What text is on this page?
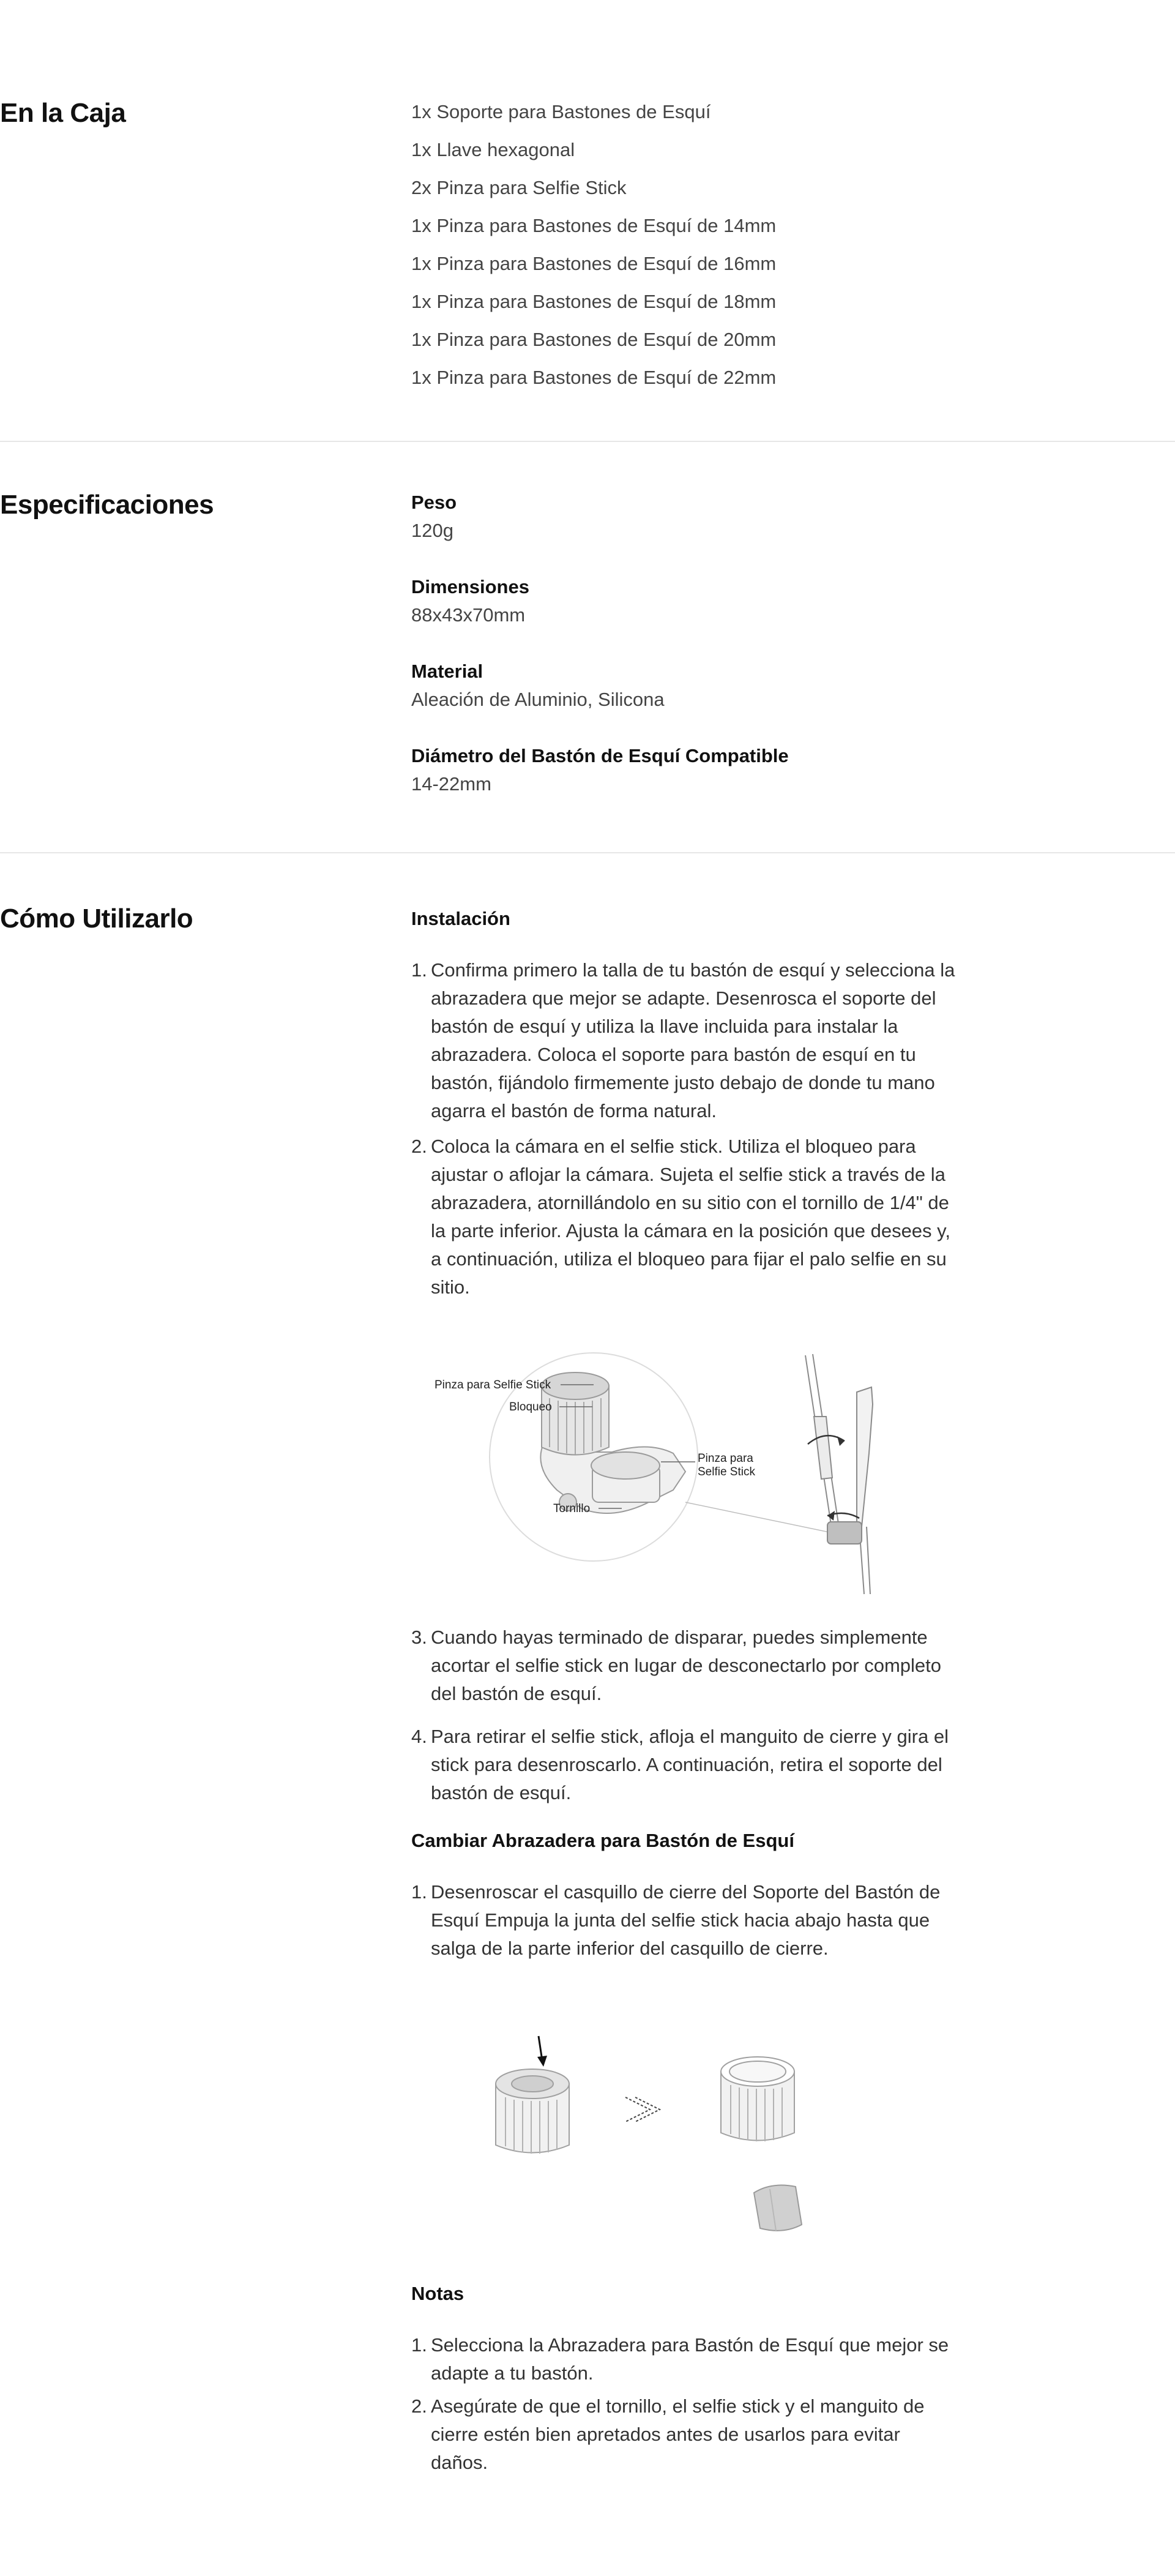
En la Caja	1x Soporte para Bastones de Esquí
1x Llave hexagonal
2x Pinza para Selfie Stick
1x Pinza para Bastones de Esquí de 14mm
1x Pinza para Bastones de Esquí de 16mm
1x Pinza para Bastones de Esquí de 18mm
1x Pinza para Bastones de Esquí de 20mm
1x Pinza para Bastones de Esquí de 22mm
Especificaciones	Peso
120g
Dimensiones
88x43x70mm
Material
Aleación de Aluminio, Silicona
Diámetro del Bastón de Esquí Compatible
14-22mm
Cómo Utilizarlo	Instalación
1. Confirma primero la talla de tu bastón de esquí y selecciona la
abrazadera que mejor se adapte. Desenrosca el soporte del
bastón de esquí y utiliza la llave incluida para instalar la
abrazadera. Coloca el soporte para bastón de esquí en tu
bastón, fijándolo firmemente justo debajo de donde tu mano
agarra el bastón de forma natural.
2. Coloca la cámara en el selfie stick. Utiliza el bloqueo para
ajustar o aflojar la cámara. Sujeta el selfie stick a través de la
abrazadera, atornillándolo en su sitio con el tornillo de 1/4" de
la parte inferior. Ajusta la cámara en la posición que desees y,
a continuación, utiliza el bloqueo para fijar el palo selfie en su
sitio.
Pinza para Selfie Stick
Bloqueo
Tornillo
Pinza para
Selfie Stick
3. Cuando hayas terminado de disparar, puedes simplemente
acortar el selfie stick en lugar de desconectarlo por completo
del bastón de esquí.
4. Para retirar el selfie stick, afloja el manguito de cierre y gira el
stick para desenroscarlo. A continuación, retira el soporte del
bastón de esquí.
Cambiar Abrazadera para Bastón de Esquí
1. Desenroscar el casquillo de cierre del Soporte del Bastón de
Esquí Empuja la junta del selfie stick hacia abajo hasta que
salga de la parte inferior del casquillo de cierre.
Notas
1. Selecciona la Abrazadera para Bastón de Esquí que mejor se
adapte a tu bastón.
2. Asegúrate de que el tornillo, el selfie stick y el manguito de
cierre estén bien apretados antes de usarlos para evitar
daños.
